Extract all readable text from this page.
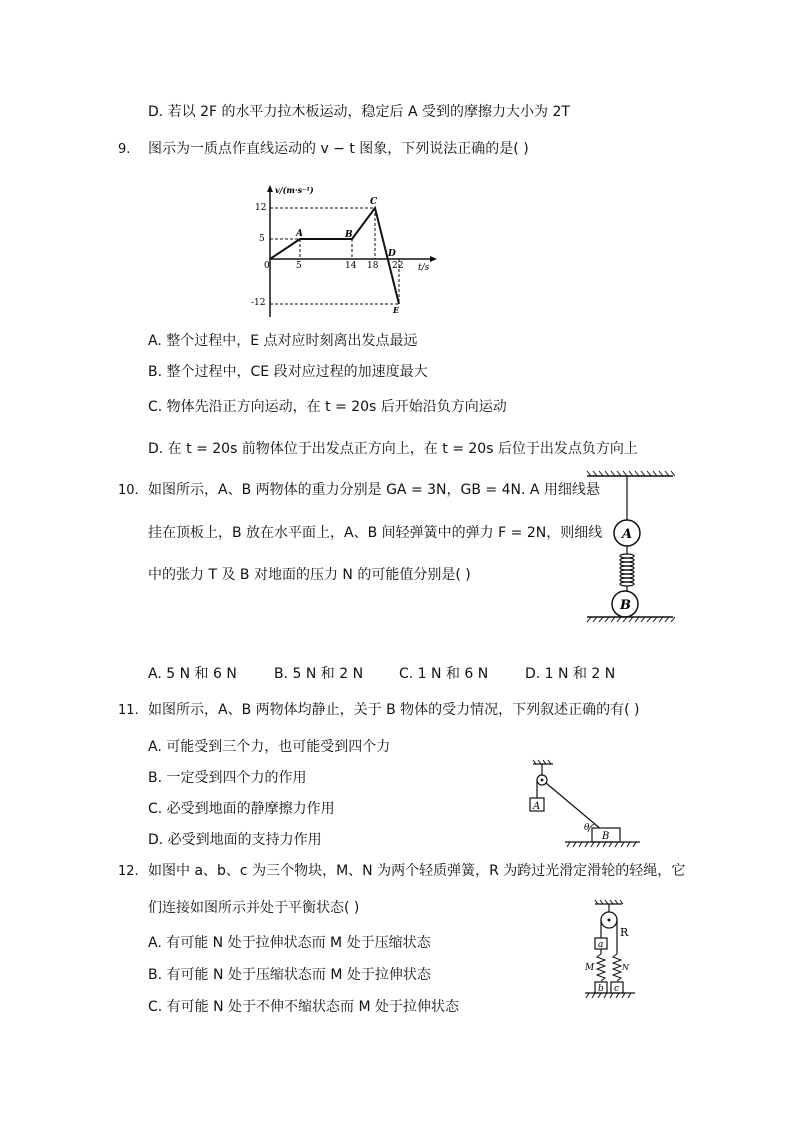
D. 若以 2F 的水平力拉木板运动，稳定后 A 受到的摩擦力大小为 2T
9. 图示为一质点作直线运动的 v − t 图象，下列说法正确的是( )
v/(m·s⁻¹)
t/s
12
5
-12
0	5	14 18 22
A	B
C
D
E
A. 整个过程中，E 点对应时刻离出发点最远
B. 整个过程中，CE 段对应过程的加速度最大
C. 物体先沿正方向运动，在 t = 20s 后开始沿负方向运动
D. 在 t = 20s 前物体位于出发点正方向上，在 t = 20s 后位于出发点负方向上
10. 如图所示，A、B 两物体的重力分别是 GA = 3N，GB = 4N. A 用细线悬
挂在顶板上，B 放在水平面上，A、B 间轻弹簧中的弹力 F = 2N，则细线
中的张力 T 及 B 对地面的压力 N 的可能值分别是( )
A
B
A. 5 N 和 6 N	B. 5 N 和 2 N	C. 1 N 和 6 N	D. 1 N 和 2 N
11. 如图所示，A、B 两物体均静止，关于 B 物体的受力情况，下列叙述正确的有( )
A. 可能受到三个力，也可能受到四个力
B. 一定受到四个力的作用
C. 必受到地面的静摩擦力作用
D. 必受到地面的支持力作用
A
θ
B
12. 如图中 a、b、c 为三个物块，M、N 为两个轻质弹簧，R 为跨过光滑定滑轮的轻绳，它
们连接如图所示并处于平衡状态( )
A. 有可能 N 处于拉伸状态而 M 处于压缩状态
B. 有可能 N 处于压缩状态而 M 处于拉伸状态
C. 有可能 N 处于不伸不缩状态而 M 处于拉伸状态
R
a
N
M
b c
